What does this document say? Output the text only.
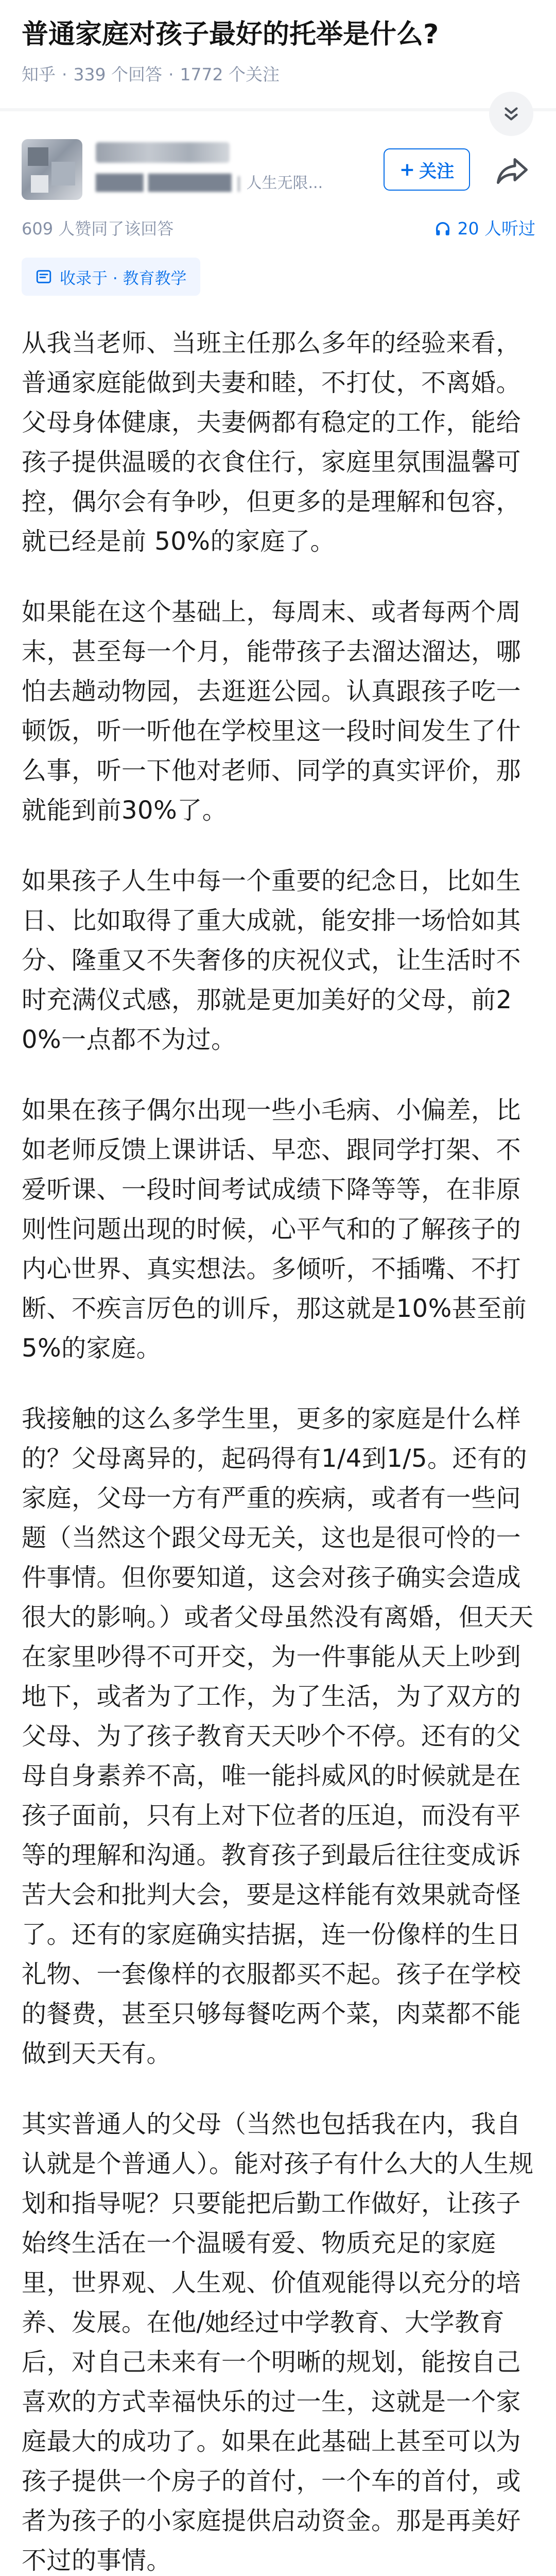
普通家庭对孩子最好的托举是什么?
知乎 · 339 个回答 · 1772 个关注
████ ███████ | 人生无限...
+ 关注
609 人赞同了该回答	20 人听过
收录于 · 教育教学

从我当老师、当班主任那么多年的经验来看，普通家庭能做到夫妻和睦，不打仗，不离婚。父母身体健康，夫妻俩都有稳定的工作，能给孩子提供温暖的衣食住行，家庭里氛围温馨可控，偶尔会有争吵，但更多的是理解和包容，就已经是前 50%的家庭了。

如果能在这个基础上，每周末、或者每两个周末，甚至每一个月，能带孩子去溜达溜达，哪怕去趟动物园，去逛逛公园。认真跟孩子吃一顿饭，听一听他在学校里这一段时间发生了什么事，听一下他对老师、同学的真实评价，那就能到前30%了。

如果孩子人生中每一个重要的纪念日，比如生日、比如取得了重大成就，能安排一场恰如其分、隆重又不失奢侈的庆祝仪式，让生活时不时充满仪式感，那就是更加美好的父母，前20%一点都不为过。

如果在孩子偶尔出现一些小毛病、小偏差，比如老师反馈上课讲话、早恋、跟同学打架、不爱听课、一段时间考试成绩下降等等，在非原则性问题出现的时候，心平气和的了解孩子的内心世界、真实想法。多倾听，不插嘴、不打断、不疾言厉色的训斥，那这就是10%甚至前5%的家庭。

我接触的这么多学生里，更多的家庭是什么样的？父母离异的，起码得有1/4到1/5。还有的家庭，父母一方有严重的疾病，或者有一些问题（当然这个跟父母无关，这也是很可怜的一件事情。但你要知道，这会对孩子确实会造成很大的影响。）或者父母虽然没有离婚，但天天在家里吵得不可开交，为一件事能从天上吵到地下，或者为了工作，为了生活，为了双方的父母、为了孩子教育天天吵个不停。还有的父母自身素养不高，唯一能抖威风的时候就是在孩子面前，只有上对下位者的压迫，而没有平等的理解和沟通。教育孩子到最后往往变成诉苦大会和批判大会，要是这样能有效果就奇怪了。还有的家庭确实拮据，连一份像样的生日礼物、一套像样的衣服都买不起。孩子在学校的餐费，甚至只够每餐吃两个菜，肉菜都不能做到天天有。

其实普通人的父母（当然也包括我在内，我自认就是个普通人）。能对孩子有什么大的人生规划和指导呢？只要能把后勤工作做好，让孩子始终生活在一个温暖有爱、物质充足的家庭里，世界观、人生观、价值观能得以充分的培养、发展。在他/她经过中学教育、大学教育后，对自己未来有一个明晰的规划，能按自己喜欢的方式幸福快乐的过一生，这就是一个家庭最大的成功了。如果在此基础上甚至可以为孩子提供一个房子的首付，一个车的首付，或者为孩子的小家庭提供启动资金。那是再美好不过的事情。
